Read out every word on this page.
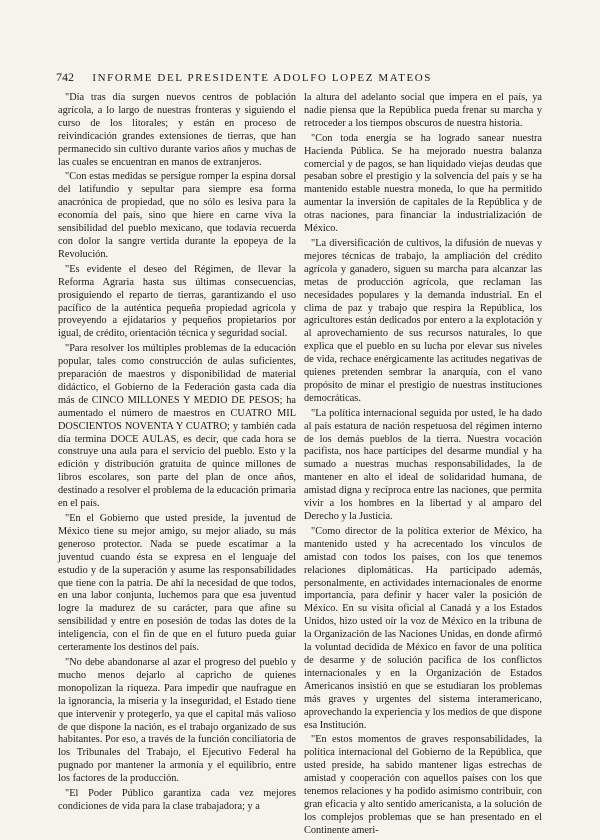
742 INFORME DEL PRESIDENTE ADOLFO LOPEZ MATEOS

"Día tras día surgen nuevos centros de población agrícola, a lo largo de nuestras fronteras y siguiendo el curso de los litorales; y están en proceso de reivindicación grandes extensiones de tierras, que han permanecido sin cultivo durante varios años y muchas de las cuales se encuentran en manos de extranjeros.

"Con estas medidas se persigue romper la espina dorsal del latifundio y sepultar para siempre esa forma anacrónica de propiedad, que no sólo es lesiva para la economía del país, sino que hiere en carne viva la sensibilidad del pueblo mexicano, que todavía recuerda con dolor la sangre vertida durante la epopeya de la Revolución.

"Es evidente el deseo del Régimen, de llevar la Reforma Agraria hasta sus últimas consecuencias, prosiguiendo el reparto de tierras, garantizando el uso pacífico de la auténtica pequeña propiedad agrícola y proveyendo a ejidatarios y pequeños propietarios por igual, de crédito, orientación técnica y seguridad social.

"Para resolver los múltiples problemas de la educación popular, tales como construcción de aulas suficientes, preparación de maestros y disponibilidad de material didáctico, el Gobierno de la Federación gasta cada día más de CINCO MILLONES Y MEDIO DE PESOS; ha aumentado el número de maestros en CUATRO MIL DOSCIENTOS NOVENTA Y CUATRO; y también cada día termina DOCE AULAS, es decir, que cada hora se construye una aula para el servicio del pueblo. Esto y la edición y distribución gratuita de quince millones de libros escolares, son parte del plan de once años, destinado a resolver el problema de la educación primaria en el país.

"En el Gobierno que usted preside, la juventud de México tiene su mejor amigo, su mejor aliado, su más generoso protector. Nada se puede escatimar a la juventud cuando ésta se expresa en el lenguaje del estudio y de la superación y asume las responsabilidades que tiene con la patria. De ahí la necesidad de que todos, en una labor conjunta, luchemos para que esa juventud logre la madurez de su carácter, para que afine su sensibilidad y entre en posesión de todas las dotes de la inteligencia, con el fin de que en el futuro pueda guiar certeramente los destinos del país.

"No debe abandonarse al azar el progreso del pueblo y mucho menos dejarlo al capricho de quienes monopolizan la riqueza. Para impedir que naufrague en la ignorancia, la miseria y la inseguridad, el Estado tiene que intervenir y protegerlo, ya que el capital más valioso de que dispone la nación, es el trabajo organizado de sus habitantes. Por eso, a través de la función conciliatoria de los Tribunales del Trabajo, el Ejecutivo Federal ha pugnado por mantener la armonía y el equilibrio, entre los factores de la producción.

"El Poder Público garantiza cada vez mejores condiciones de vida para la clase trabajadora; y a

la altura del adelanto social que impera en el país, ya nadie piensa que la República pueda frenar su marcha y retroceder a los tiempos obscuros de nuestra historia.

"Con toda energía se ha logrado sanear nuestra Hacienda Pública. Se ha mejorado nuestra balanza comercial y de pagos, se han liquidado viejas deudas que pesaban sobre el prestigio y la solvencia del país y se ha mantenido estable nuestra moneda, lo que ha permitido aumentar la inversión de capitales de la República y de otras naciones, para financiar la industrialización de México.

"La diversificación de cultivos, la difusión de nuevas y mejores técnicas de trabajo, la ampliación del crédito agrícola y ganadero, siguen su marcha para alcanzar las metas de producción agrícola, que reclaman las necesidades populares y la demanda industrial. En el clima de paz y trabajo que respira la República, los agricultores están dedicados por entero a la explotación y al aprovechamiento de sus recursos naturales, lo que explica que el pueblo en su lucha por elevar sus niveles de vida, rechace enérgicamente las actitudes negativas de quienes pretenden sembrar la anarquía, con el vano propósito de minar el prestigio de nuestras instituciones democráticas.

"La política internacional seguida por usted, le ha dado al país estatura de nación respetuosa del régimen interno de los demás pueblos de la tierra. Nuestra vocación pacifista, nos hace partícipes del desarme mundial y ha sumado a nuestras muchas responsabilidades, la de mantener en alto el ideal de solidaridad humana, de amistad digna y recíproca entre las naciones, que permita vivir a los hombres en la libertad y al amparo del Derecho y la Justicia.

"Como director de la política exterior de México, ha mantenido usted y ha acrecentado los vínculos de amistad con todos los países, con los que tenemos relaciones diplomáticas. Ha participado además, personalmente, en actividades internacionales de enorme importancia, para definir y hacer valer la posición de México. En su visita oficial al Canadá y a los Estados Unidos, hizo usted oír la voz de México en la tribuna de la Organización de las Naciones Unidas, en donde afirmó la voluntad decidida de México en favor de una política de desarme y de solución pacífica de los conflictos internacionales y en la Organización de Estados Americanos insistió en que se estudiaran los problemas más graves y urgentes del sistema interamericano, aprovechando la experiencia y los medios de que dispone esa Institución.

"En estos momentos de graves responsabilidades, la política internacional del Gobierno de la República, que usted preside, ha sabido mantener ligas estrechas de amistad y cooperación con aquellos países con los que tenemos relaciones y ha podido asimismo contribuir, con gran eficacia y alto sentido americanista, a la solución de los complejos problemas que se han presentado en el Continente ameri-
